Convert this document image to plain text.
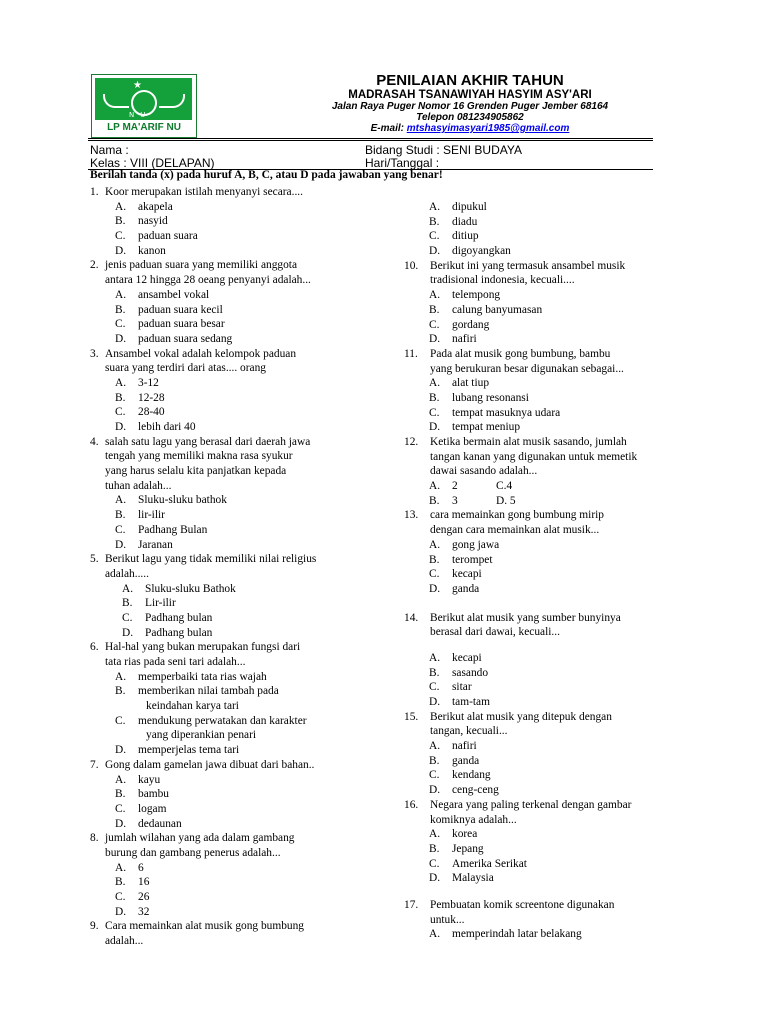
★
NU
LP MA'ARIF NU
PENILAIAN AKHIR TAHUN
MADRASAH TSANAWIYAH HASYIM ASY'ARI
Jalan Raya Puger Nomor 16 Grenden Puger Jember 68164
Telepon 081234905862
E-mail: mtshasyimasyari1985@gmail.com
Nama :	Bidang Studi : SENI BUDAYA
Kelas : VIII (DELAPAN)	Hari/Tanggal :
Berilah tanda (x) pada huruf A, B, C, atau D pada jawaban yang benar!
1. Koor merupakan istilah menyanyi secara....
A. akapela
B. nasyid
C. paduan suara
D. kanon
2. jenis paduan suara yang memiliki anggota
antara 12 hingga 28 oeang penyanyi adalah...
A. ansambel vokal
B. paduan suara kecil
C. paduan suara besar
D. paduan suara sedang
3. Ansambel vokal adalah kelompok paduan
suara yang terdiri dari atas.... orang
A. 3-12
B. 12-28
C. 28-40
D. lebih dari 40
4. salah satu lagu yang berasal dari daerah jawa
tengah yang memiliki makna rasa syukur
yang harus selalu kita panjatkan kepada
tuhan adalah...
A. Sluku-sluku bathok
B. lir-ilir
C. Padhang Bulan
D. Jaranan
5. Berikut lagu yang tidak memiliki nilai religius
adalah.....
A. Sluku-sluku Bathok
B. Lir-ilir
C. Padhang bulan
D. Padhang bulan
6. Hal-hal yang bukan merupakan fungsi dari
tata rias pada seni tari adalah...
A. memperbaiki tata rias wajah
B. memberikan nilai tambah pada
keindahan karya tari
C. mendukung perwatakan dan karakter
yang diperankian penari
D. memperjelas tema tari
7. Gong dalam gamelan jawa dibuat dari bahan..
A. kayu
B. bambu
C. logam
D. dedaunan
8. jumlah wilahan yang ada dalam gambang
burung dan gambang penerus adalah...
A. 6
B. 16
C. 26
D. 32
9. Cara memainkan alat musik gong bumbung
adalah...
A. dipukul
B. diadu
C. ditiup
D. digoyangkan
10. Berikut ini yang termasuk ansambel musik
tradisional indonesia, kecuali....
A. telempong
B. calung banyumasan
C. gordang
D. nafiri
11. Pada alat musik gong bumbung, bambu
yang berukuran besar digunakan sebagai...
A. alat tiup
B. lubang resonansi
C. tempat masuknya udara
D. tempat meniup
12. Ketika bermain alat musik sasando, jumlah
tangan kanan yang digunakan untuk memetik
dawai sasando adalah...
A. 2	C.4
B. 3	D. 5
13. cara memainkan gong bumbung mirip
dengan cara memainkan alat musik...
A. gong jawa
B. terompet
C. kecapi
D. ganda
14. Berikut alat musik yang sumber bunyinya
berasal dari dawai, kecuali...
A. kecapi
B. sasando
C. sitar
D. tam-tam
15. Berikut alat musik yang ditepuk dengan
tangan, kecuali...
A. nafiri
B. ganda
C. kendang
D. ceng-ceng
16. Negara yang paling terkenal dengan gambar
komiknya adalah...
A. korea
B. Jepang
C. Amerika Serikat
D. Malaysia
17. Pembuatan komik screentone digunakan
untuk...
A. memperindah latar belakang
